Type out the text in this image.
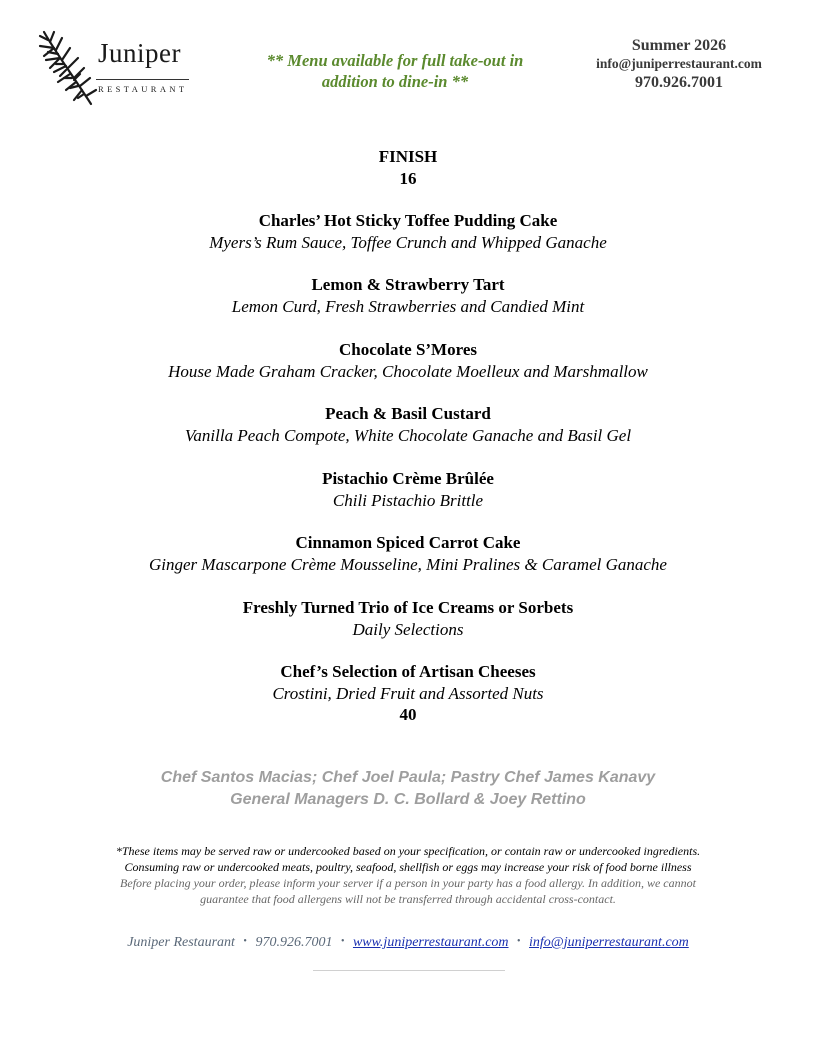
Juniper
RESTAURANT
** Menu available for full take-out in
addition to dine-in **
Summer 2026
info@juniperrestaurant.com
970.926.7001
FINISH
16
Charles’ Hot Sticky Toffee Pudding Cake
Myers’s Rum Sauce, Toffee Crunch and Whipped Ganache
Lemon & Strawberry Tart
Lemon Curd, Fresh Strawberries and Candied Mint
Chocolate S’Mores
House Made Graham Cracker, Chocolate Moelleux and Marshmallow
Peach & Basil Custard
Vanilla Peach Compote, White Chocolate Ganache and Basil Gel
Pistachio Crème Brûlée
Chili Pistachio Brittle
Cinnamon Spiced Carrot Cake
Ginger Mascarpone Crème Mousseline, Mini Pralines & Caramel Ganache
Freshly Turned Trio of Ice Creams or Sorbets
Daily Selections
Chef’s Selection of Artisan Cheeses
Crostini, Dried Fruit and Assorted Nuts
40
Chef Santos Macias; Chef Joel Paula; Pastry Chef James Kanavy
General Managers D. C. Bollard & Joey Rettino
*These items may be served raw or undercooked based on your specification, or contain raw or undercooked ingredients.
Consuming raw or undercooked meats, poultry, seafood, shellfish or eggs may increase your risk of food borne illness
Before placing your order, please inform your server if a person in your party has a food allergy. In addition, we cannot
guarantee that food allergens will not be transferred through accidental cross-contact.
Juniper Restaurant • 970.926.7001 • www.juniperrestaurant.com • info@juniperrestaurant.com
